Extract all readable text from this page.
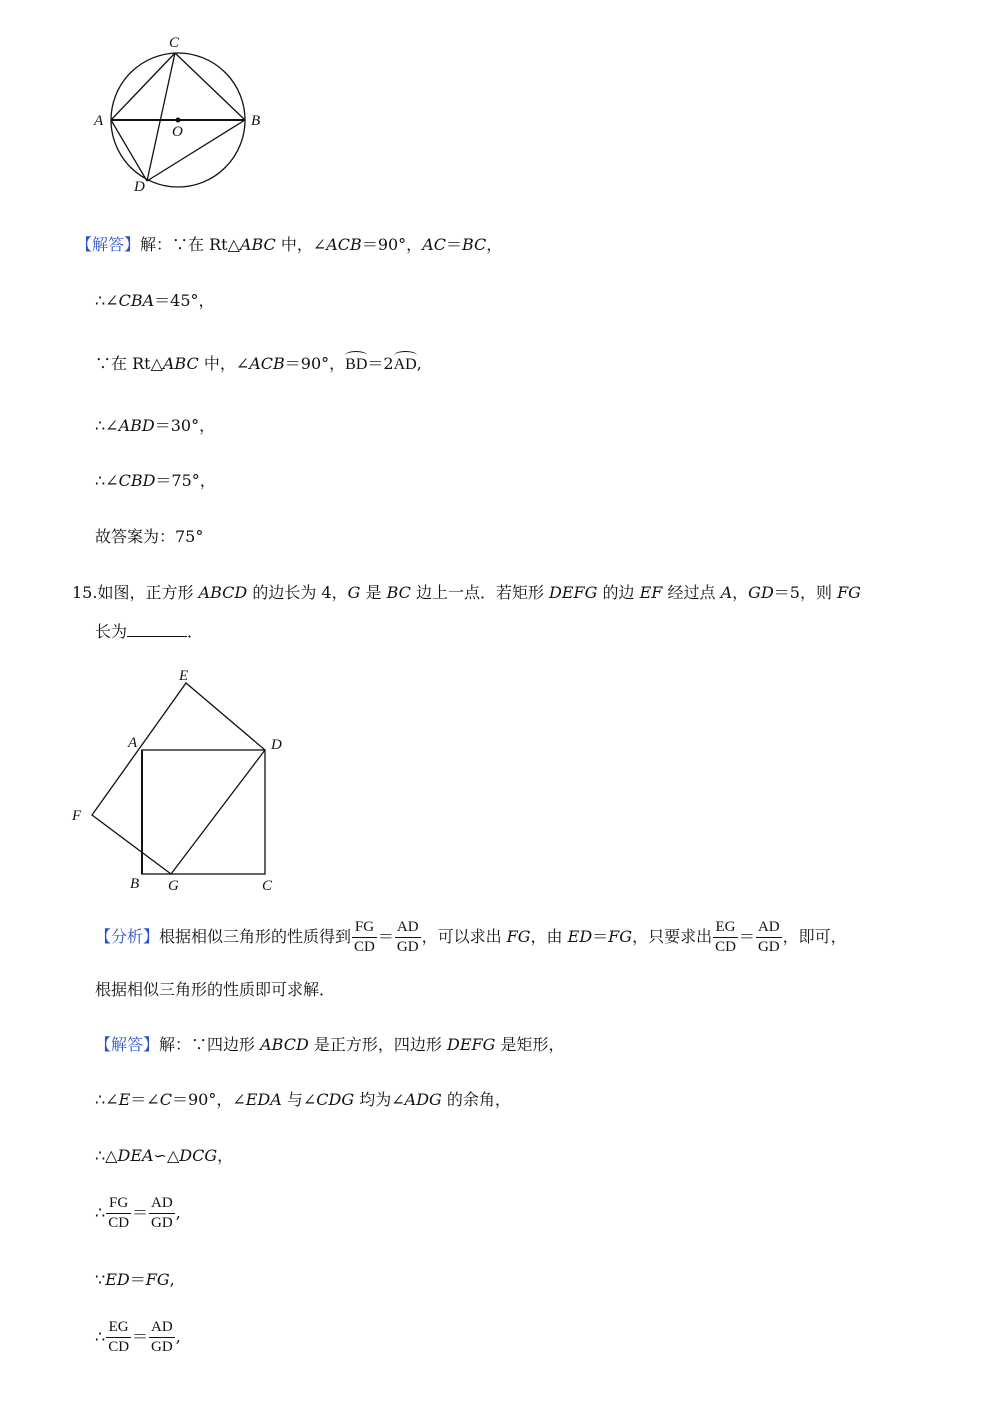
C
A
O
B
D
【解答】解：∵在 Rt△ABC 中，∠ACB＝90°，AC＝BC，
∴∠CBA＝45°，
∵在 Rt△ABC 中，∠ACB＝90°，BD＝2AD,
∴∠ABD＝30°，
∴∠CBD＝75°，
故答案为：75°
15.如图，正方形 ABCD 的边长为 4，G 是 BC 边上一点．若矩形 DEFG 的边 EF 经过点 A，GD＝5，则 FG
长为	．
E
A	D
F
B G	C
【分析】根据相似三角形的性质得到 $\frac{FG}{CD} = \frac{AD}{GD}$ ，可以求出 FG，由 ED＝FG，只要求出 $\frac{EG}{CD} = \frac{AD}{GD}$ ，即可，
根据相似三角形的性质即可求解．
【解答】解：∵四边形 ABCD 是正方形，四边形 DEFG 是矩形，
∴∠E＝∠C＝90°，∠EDA 与∠CDG 均为∠ADG 的余角，
∴△DEA∽△DCG，
∴ $\frac{FG}{CD} = \frac{AD}{GD}$ ,
∵ED＝FG,
∴ $\frac{EG}{CD} = \frac{AD}{GD}$ ,
